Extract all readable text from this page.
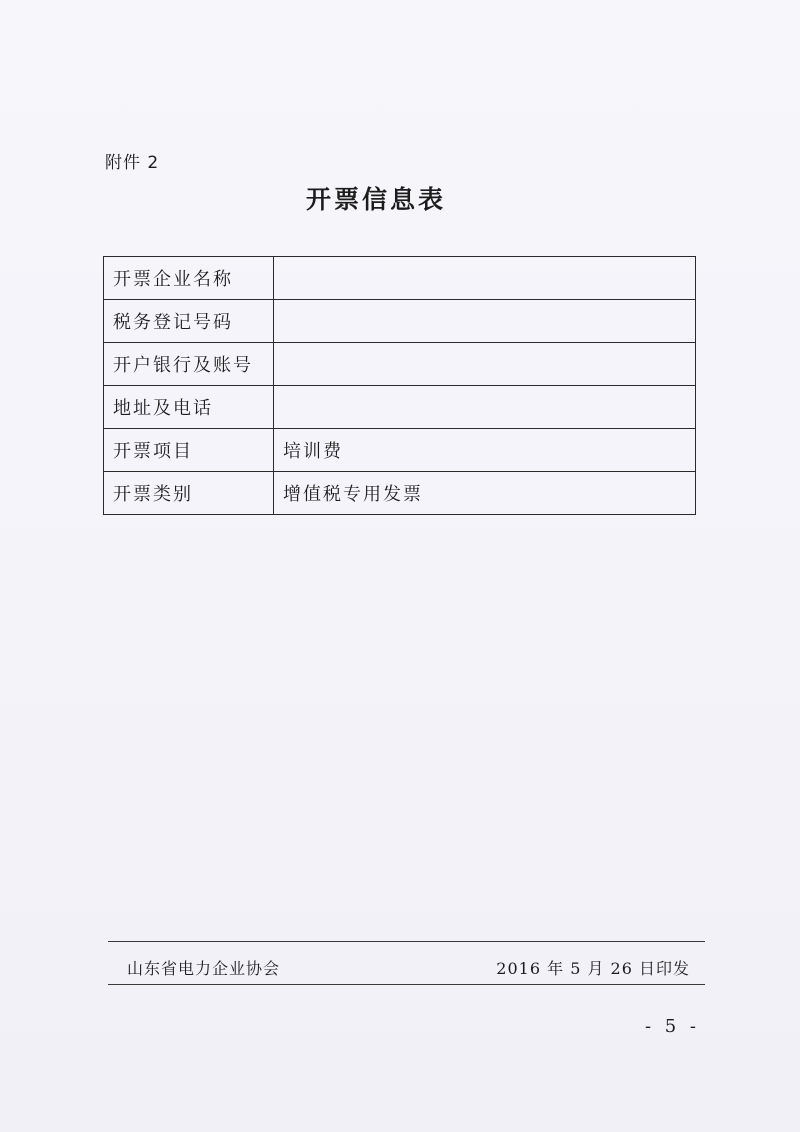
附件 2
开票信息表
开票企业名称	
税务登记号码	
开户银行及账号	
地址及电话	
开票项目	培训费
开票类别	增值税专用发票
山东省电力企业协会	2016 年 5 月 26 日印发
- 5 -
